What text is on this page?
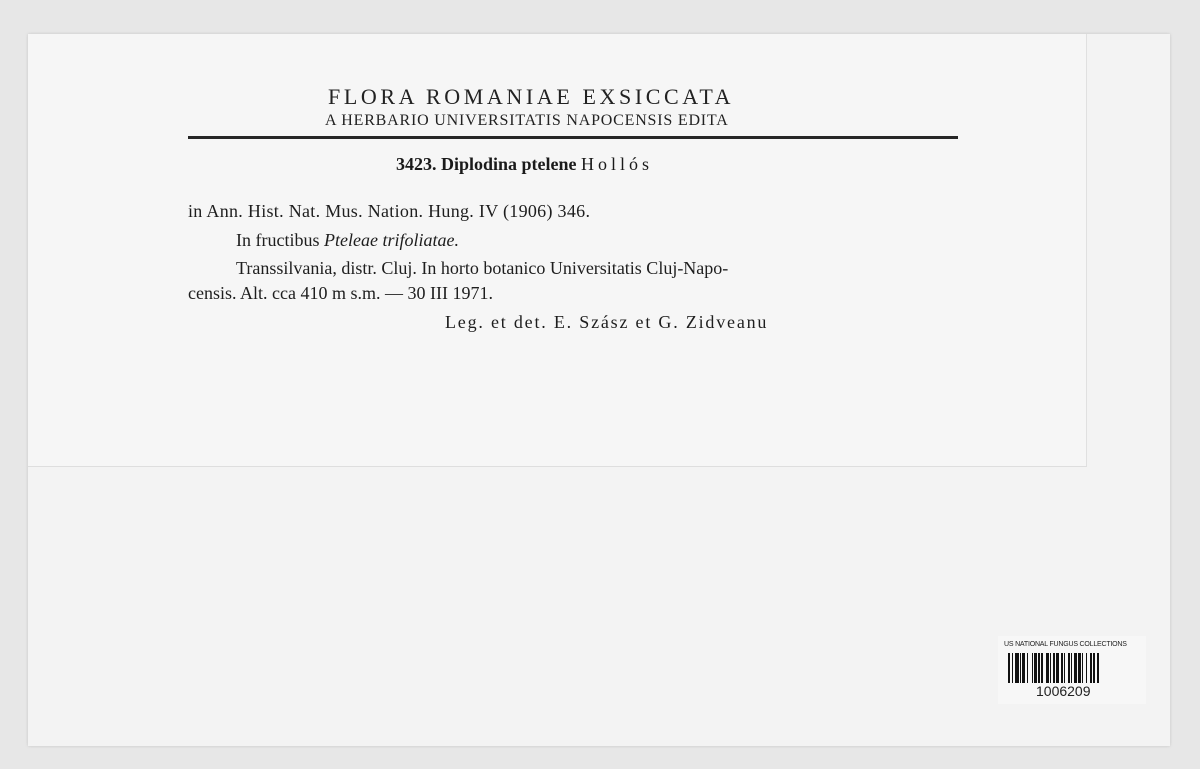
FLORA ROMANIAE EXSICCATA
A HERBARIO UNIVERSITATIS NAPOCENSIS EDITA
3423. Diplodina ptelene Hollós
in Ann. Hist. Nat. Mus. Nation. Hung. IV (1906) 346.
In fructibus Pteleae trifoliatae.
Transsilvania, distr. Cluj. In horto botanico Universitatis Cluj-Napo-
censis. Alt. cca 410 m s.m. — 30 III 1971.
Leg. et det. E. Szász et G. Zidveanu
US NATIONAL FUNGUS COLLECTIONS
1006209
